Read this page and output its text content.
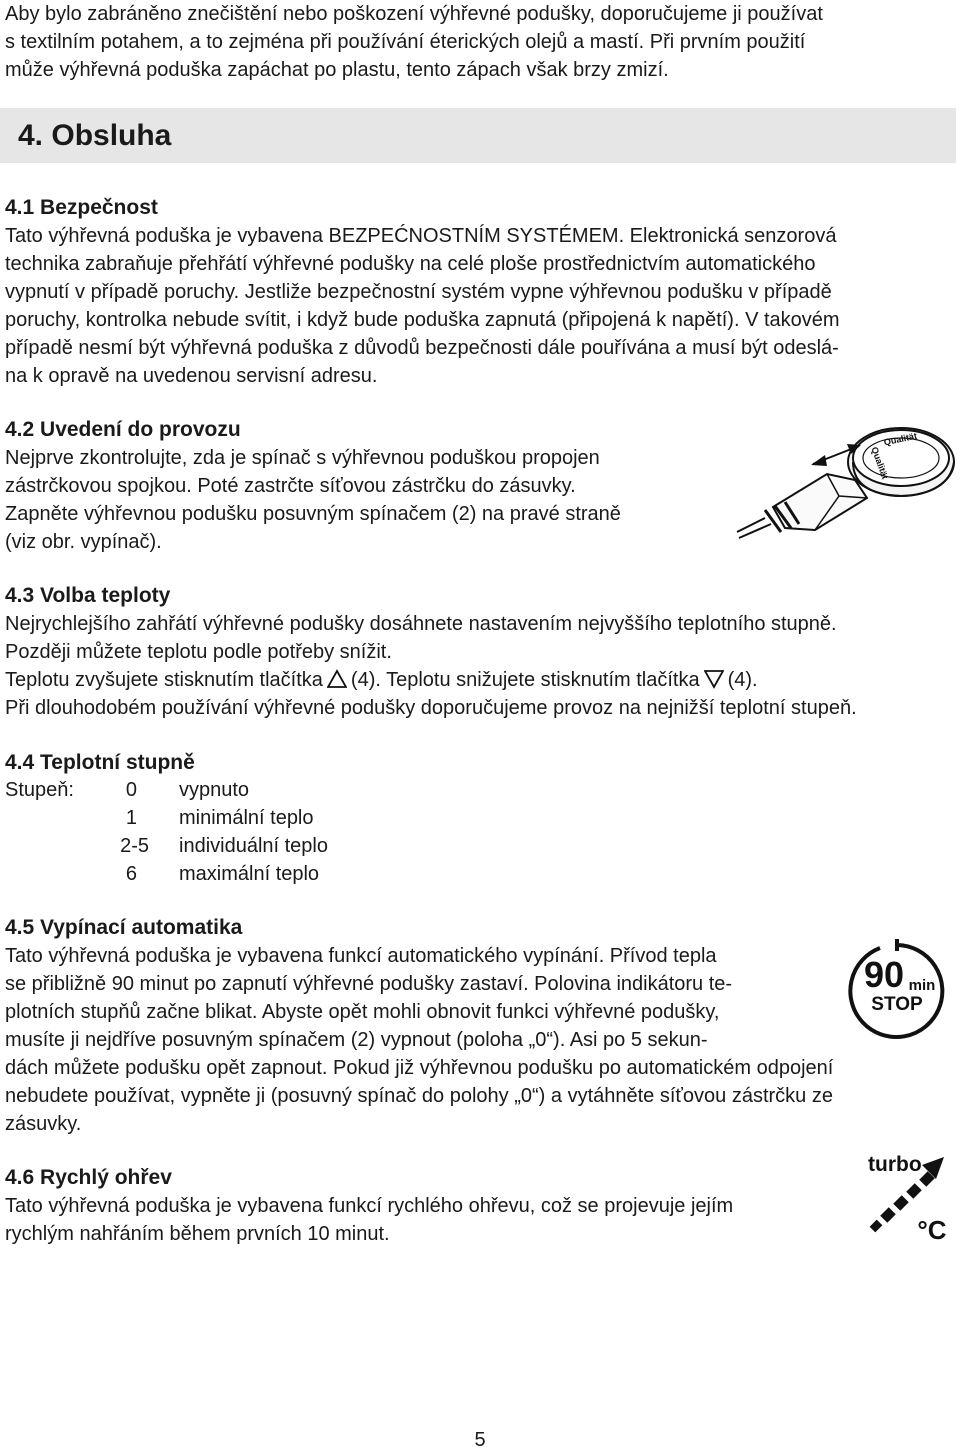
Aby bylo zabráněno znečištění nebo poškození výhřevné podušky, doporučujeme ji používat
s textilním potahem, a to zejména při používání éterických olejů a mastí. Při prvním použití
může výhřevná poduška zapáchat po plastu, tento zápach však brzy zmizí.

4. Obsluha
4.1 Bezpečnost

Tato výhřevná poduška je vybavena BEZPEĆNOSTNÍM SYSTÉMEM. Elektronická senzorová
technika zabraňuje přehřátí výhřevné podušky na celé ploše prostřednictvím automatického
vypnutí v případě poruchy. Jestliže bezpečnostní systém vypne výhřevnou podušku v případě
poruchy, kontrolka nebude svítit, i když bude poduška zapnutá (připojená k napětí). V takovém
případě nesmí být výhřevná poduška z důvodů bezpečnosti dále pouřívána a musí být odeslá-
na k opravě na uvedenou servisní adresu.

4.2 Uvedení do provozu

Nejprve zkontrolujte, zda je spínač s výhřevnou poduškou propojen
zástrčkovou spojkou. Poté zastrčte síťovou zástrčku do zásuvky.
Zapněte výhřevnou podušku posuvným spínačem (2) na pravé straně
(viz obr. vypínač).

Qualität
Qualität
4.3 Volba teploty

Nejrychlejšího zahřátí výhřevné podušky dosáhnete nastavením nejvyššího teplotního stupně.
Později můžete teplotu podle potřeby snížit.
Teplotu zvyšujete stisknutím tlačítka (4). Teplotu snižujete stisknutím tlačítka (4).
Při dlouhodobém používání výhřevné podušky doporučujeme provoz na nejnižší teplotní stupeň.

4.4 Teplotní stupně
Stupeň:	0 vypnuto
1 minimální teplo
2-5 individuální teplo
6 maximální teplo
4.5 Vypínací automatika

Tato výhřevná poduška je vybavena funkcí automatického vypínání. Přívod tepla
se přibližně 90 minut po zapnutí výhřevné podušky zastaví. Polovina indikátoru te-
plotních stupňů začne blikat. Abyste opět mohli obnovit funkci výhřevné podušky,
musíte ji nejdříve posuvným spínačem (2) vypnout (poloha „0“). Asi po 5 sekun-
dách můžete podušku opět zapnout. Pokud již výhřevnou podušku po automatickém odpojení
nebudete používat, vypněte ji (posuvný spínač do polohy „0“) a vytáhněte síťovou zástrčku ze
zásuvky.

90 min
STOP
4.6 Rychlý ohřev

Tato výhřevná poduška je vybavena funkcí rychlého ohřevu, což se projevuje jejím
rychlým nahřáním během prvních 10 minut.

turbo
°C
5
